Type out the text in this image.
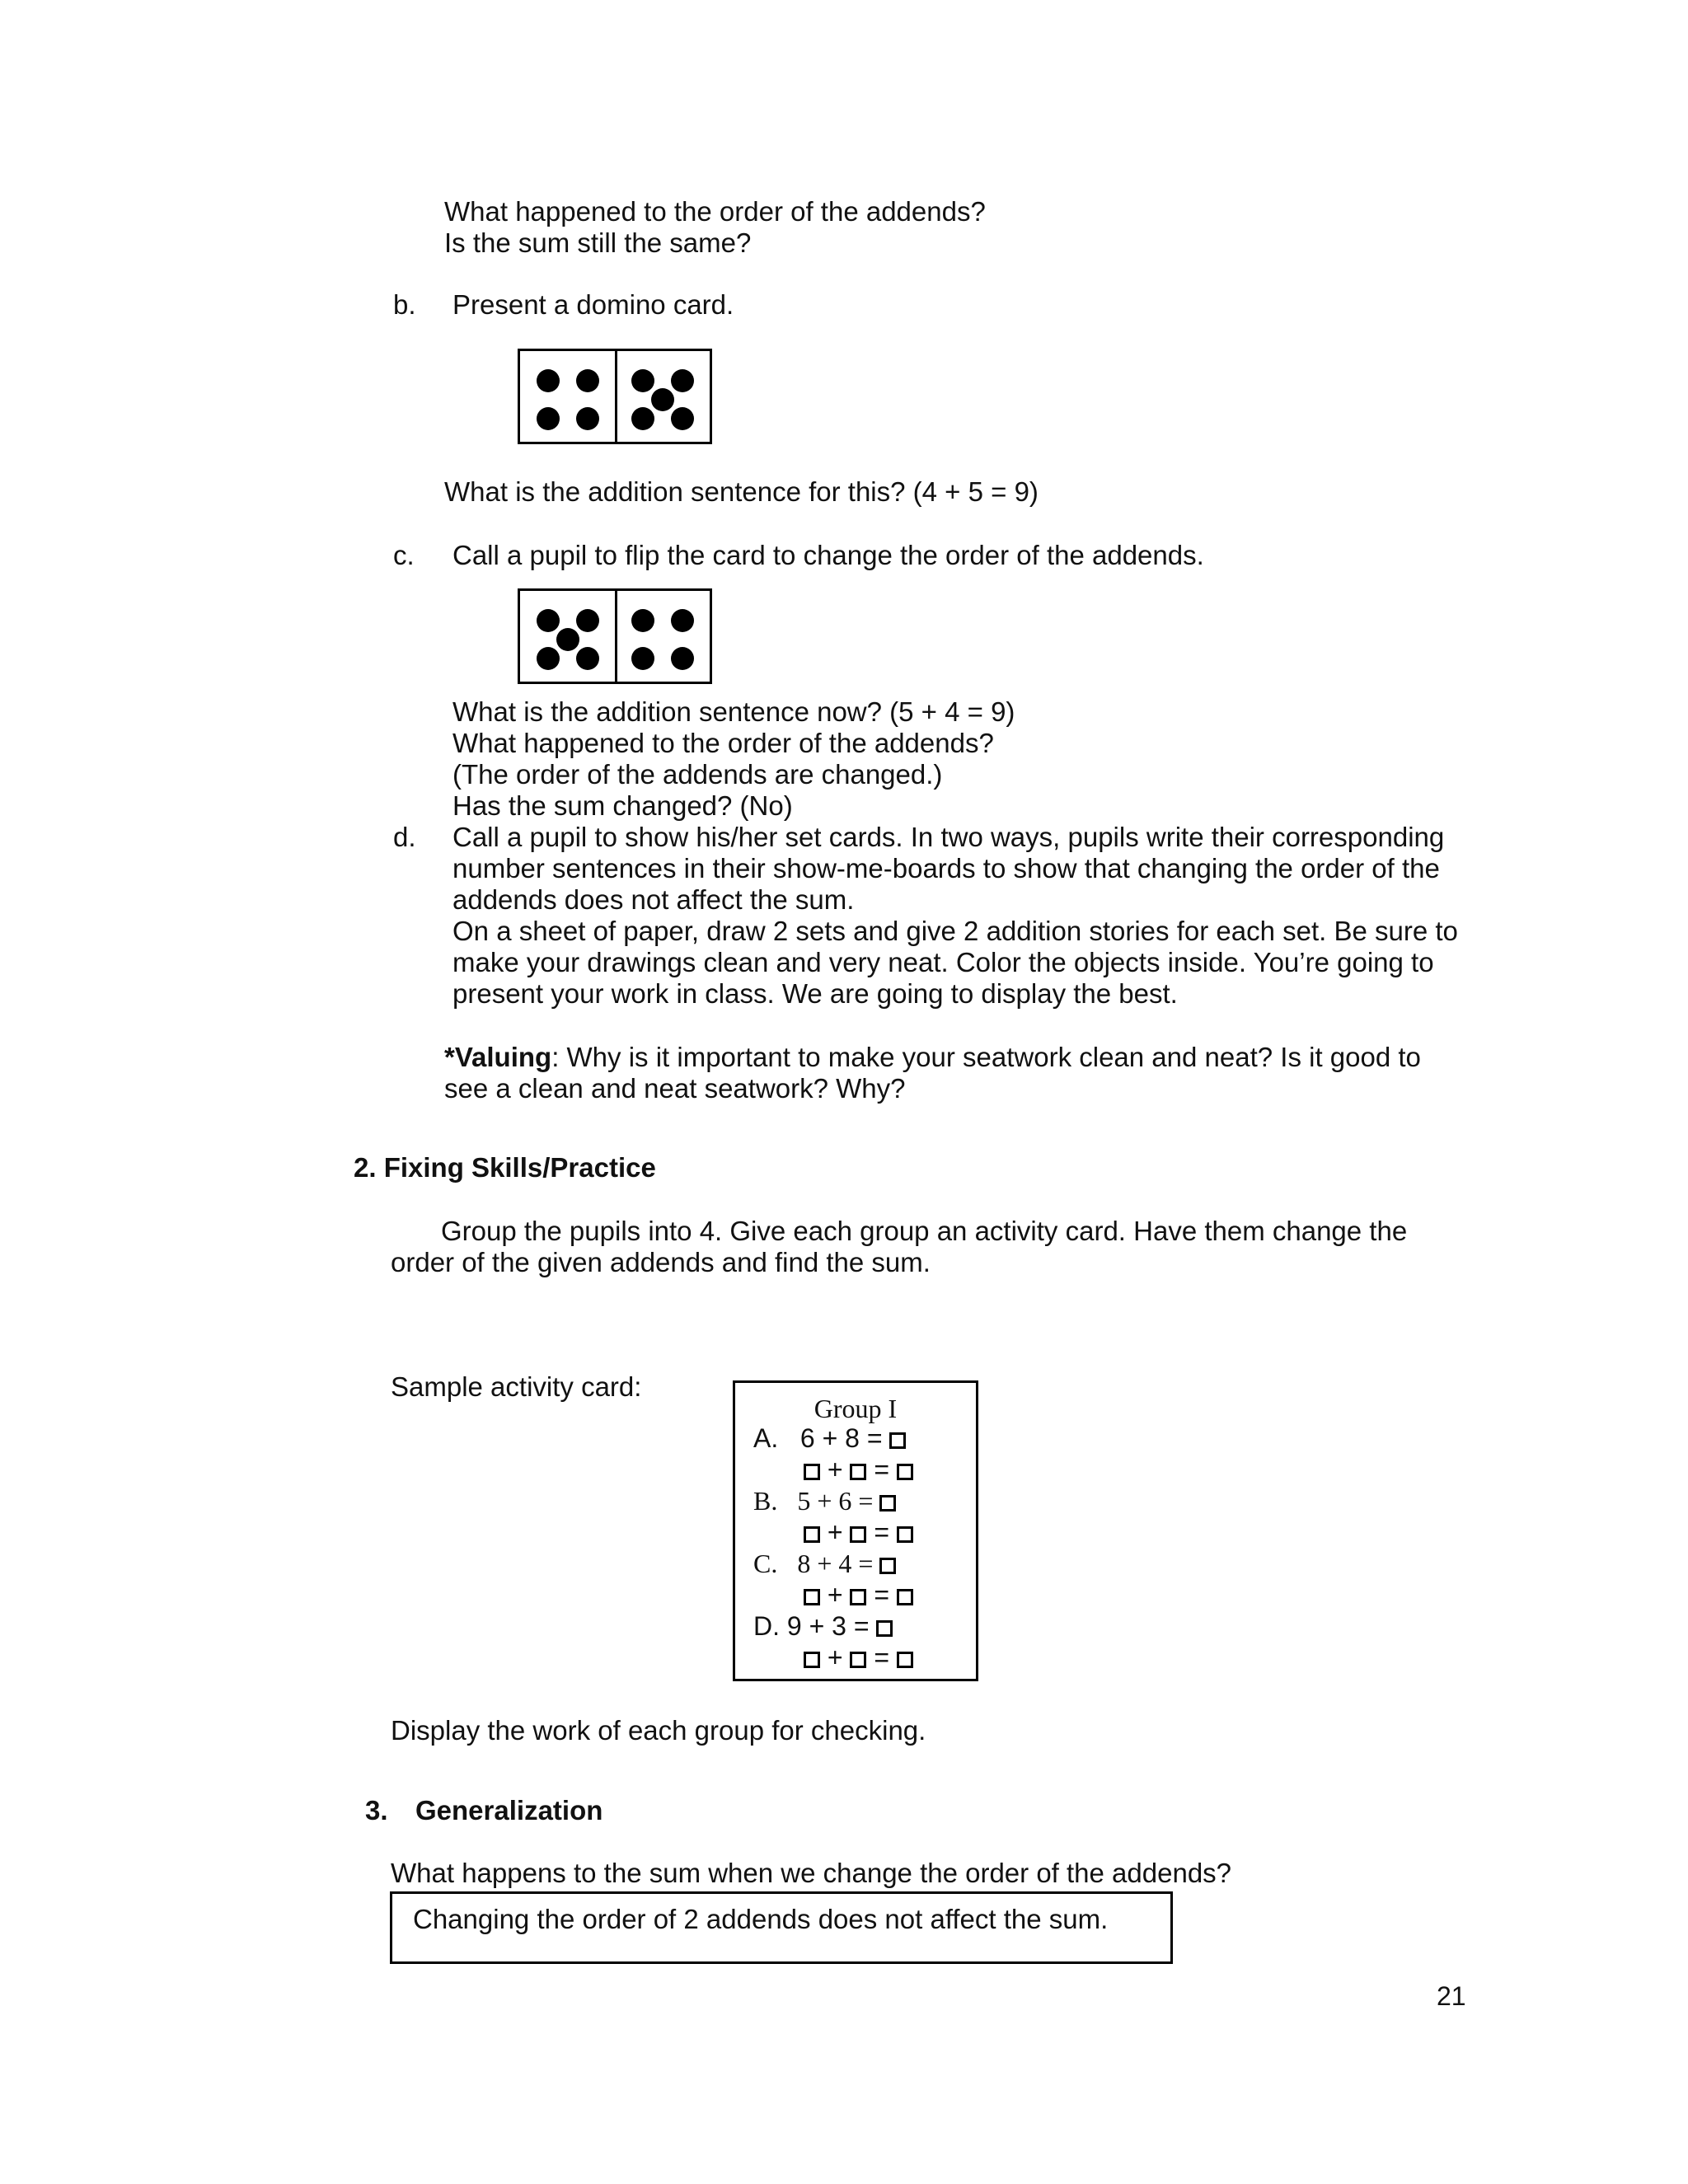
What happened to the order of the addends?
Is the sum still the same?
b. Present a domino card.
What is the addition sentence for this? (4 + 5 = 9)
c. Call a pupil to flip the card to change the order of the addends.
What is the addition sentence now? (5 + 4 = 9)
What happened to the order of the addends?
(The order of the addends are changed.)
Has the sum changed? (No)
d. Call a pupil to show his/her set cards. In two ways, pupils write their corresponding
number sentences in their show-me-boards to show that changing the order of the
addends does not affect the sum.
On a sheet of paper, draw 2 sets and give 2 addition stories for each set. Be sure to
make your drawings clean and very neat. Color the objects inside. You’re going to
present your work in class. We are going to display the best.
*Valuing: Why is it important to make your seatwork clean and neat? Is it good to
see a clean and neat seatwork? Why?
2. Fixing Skills/Practice
Group the pupils into 4. Give each group an activity card. Have them change the
order of the given addends and find the sum.
Sample activity card:
Group I
A. 6 + 8 =
+ =
B. 5 + 6 =
+ =
C. 8 + 4 =
+ =
D. 9 + 3 =
+ =
Display the work of each group for checking.
3. Generalization
What happens to the sum when we change the order of the addends?
Changing the order of 2 addends does not affect the sum.
21
